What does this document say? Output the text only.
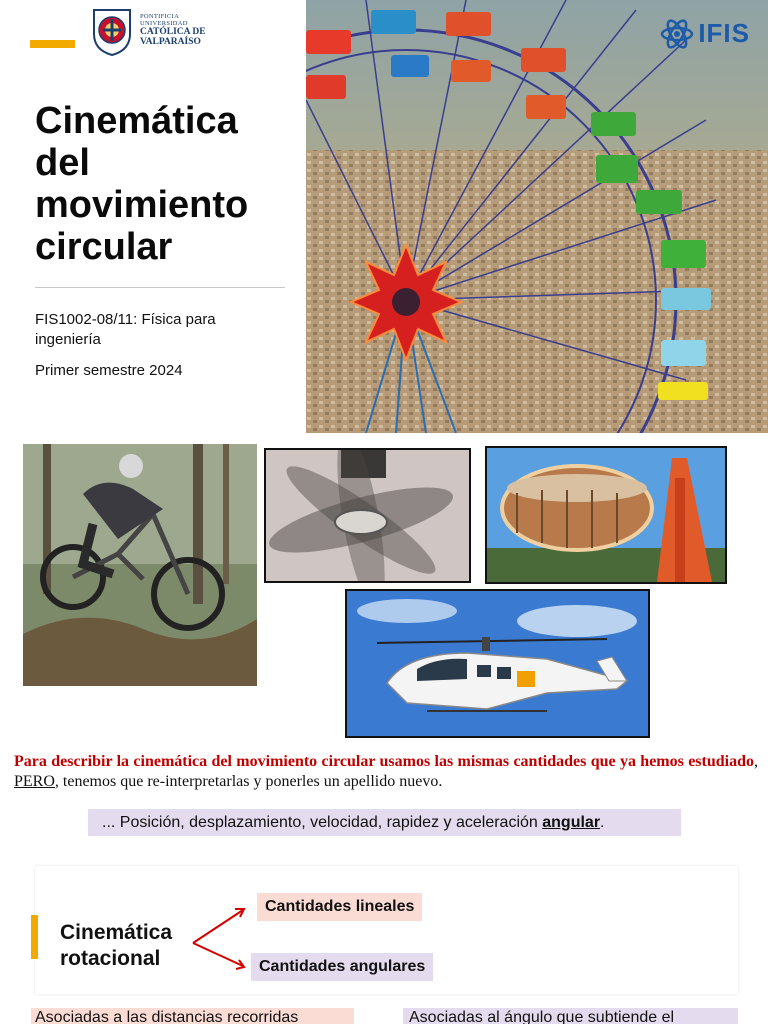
PONTIFICIA
UNIVERSIDAD
CATÓLICA DE
VALPARAÍSO
Cinemática
del
movimiento
circular
FIS1002-08/11: Física para ingeniería
Primer semestre 2024
IFIS

Para describir la cinemática del movimiento circular usamos las mismas cantidades que ya hemos estudiado, PERO, tenemos que re-interpretarlas y ponerles un apellido nuevo.

... Posición, desplazamiento, velocidad, rapidez y aceleración angular.
Cinemática
rotacional
Cantidades lineales
Cantidades angulares
Asociadas a las distancias recorridas	Asociadas al ángulo que subtiende el
